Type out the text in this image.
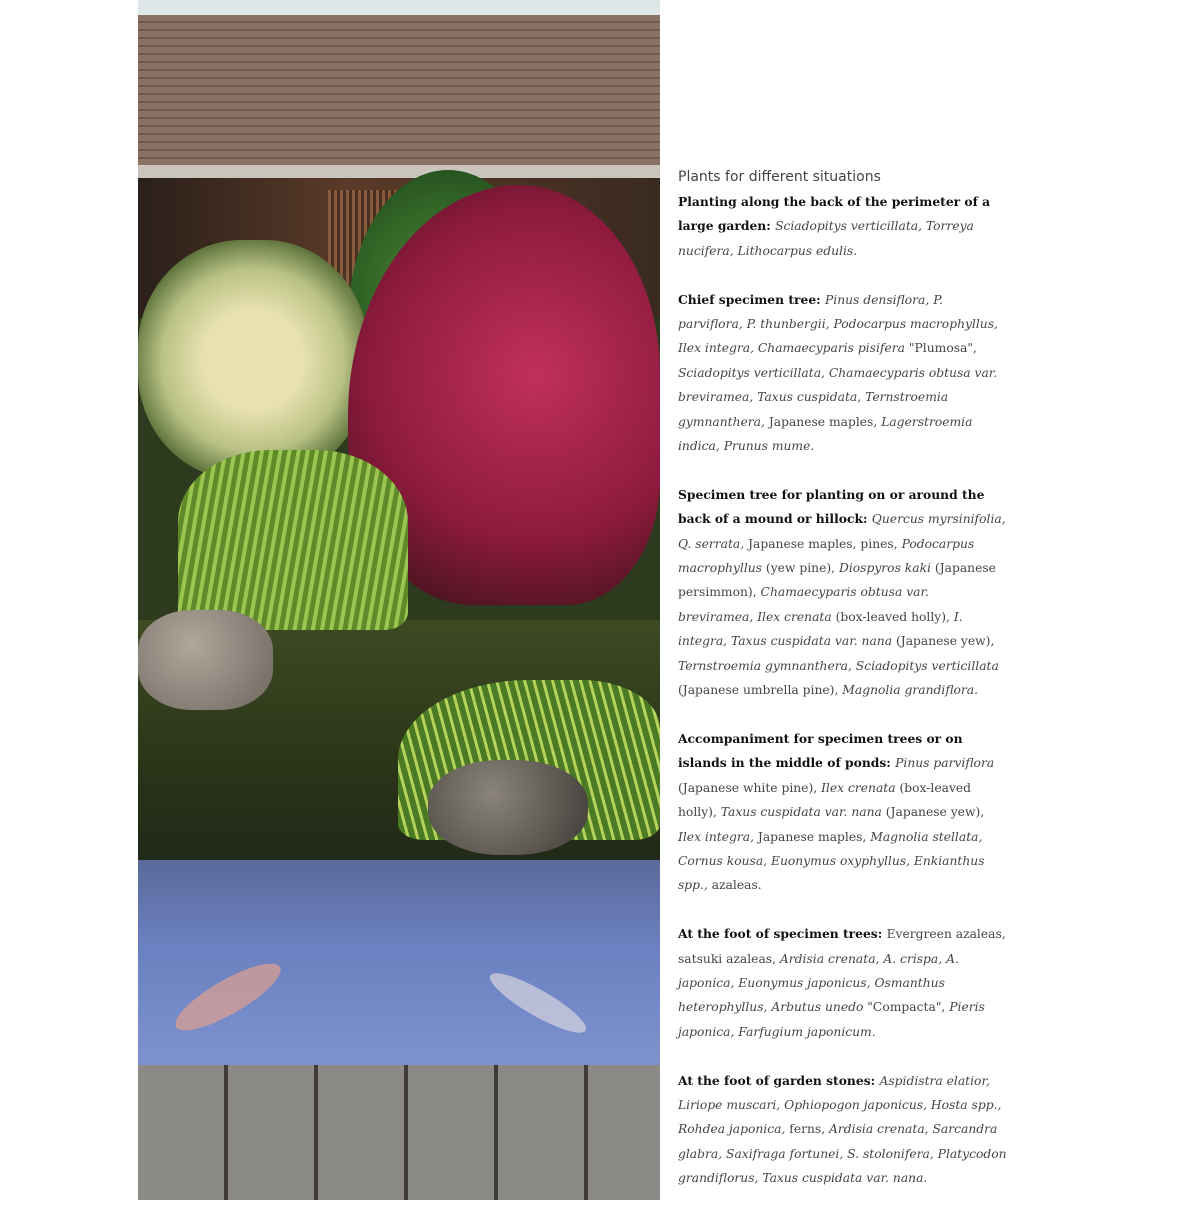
Plants for different situations

Planting along the back of the perimeter of a large garden: Sciadopitys verticillata, Torreya nucifera, Lithocarpus edulis.

Chief specimen tree: Pinus densiflora, P. parviflora, P. thunbergii, Podocarpus macrophyllus, Ilex integra, Chamaecyparis pisifera "Plumosa", Sciadopitys verticillata, Chamaecyparis obtusa var. breviramea, Taxus cuspidata, Ternstroemia gymnanthera, Japanese maples, Lagerstroemia indica, Prunus mume.

Specimen tree for planting on or around the back of a mound or hillock: Quercus myrsinifolia, Q. serrata, Japanese maples, pines, Podocarpus macrophyllus (yew pine), Diospyros kaki (Japanese persimmon), Chamaecyparis obtusa var. breviramea, Ilex crenata (box-leaved holly), I. integra, Taxus cuspidata var. nana (Japanese yew), Ternstroemia gymnanthera, Sciadopitys verticillata (Japanese umbrella pine), Magnolia grandiflora.

Accompaniment for specimen trees or on islands in the middle of ponds: Pinus parviflora (Japanese white pine), Ilex crenata (box-leaved holly), Taxus cuspidata var. nana (Japanese yew), Ilex integra, Japanese maples, Magnolia stellata, Cornus kousa, Euonymus oxyphyllus, Enkianthus spp., azaleas.

At the foot of specimen trees: Evergreen azaleas, satsuki azaleas, Ardisia crenata, A. crispa, A. japonica, Euonymus japonicus, Osmanthus heterophyllus, Arbutus unedo "Compacta", Pieris japonica, Farfugium japonicum.

At the foot of garden stones: Aspidistra elatior, Liriope muscari, Ophiopogon japonicus, Hosta spp., Rohdea japonica, ferns, Ardisia crenata, Sarcandra glabra, Saxifraga fortunei, S. stolonifera, Platycodon grandiflorus, Taxus cuspidata var. nana.
